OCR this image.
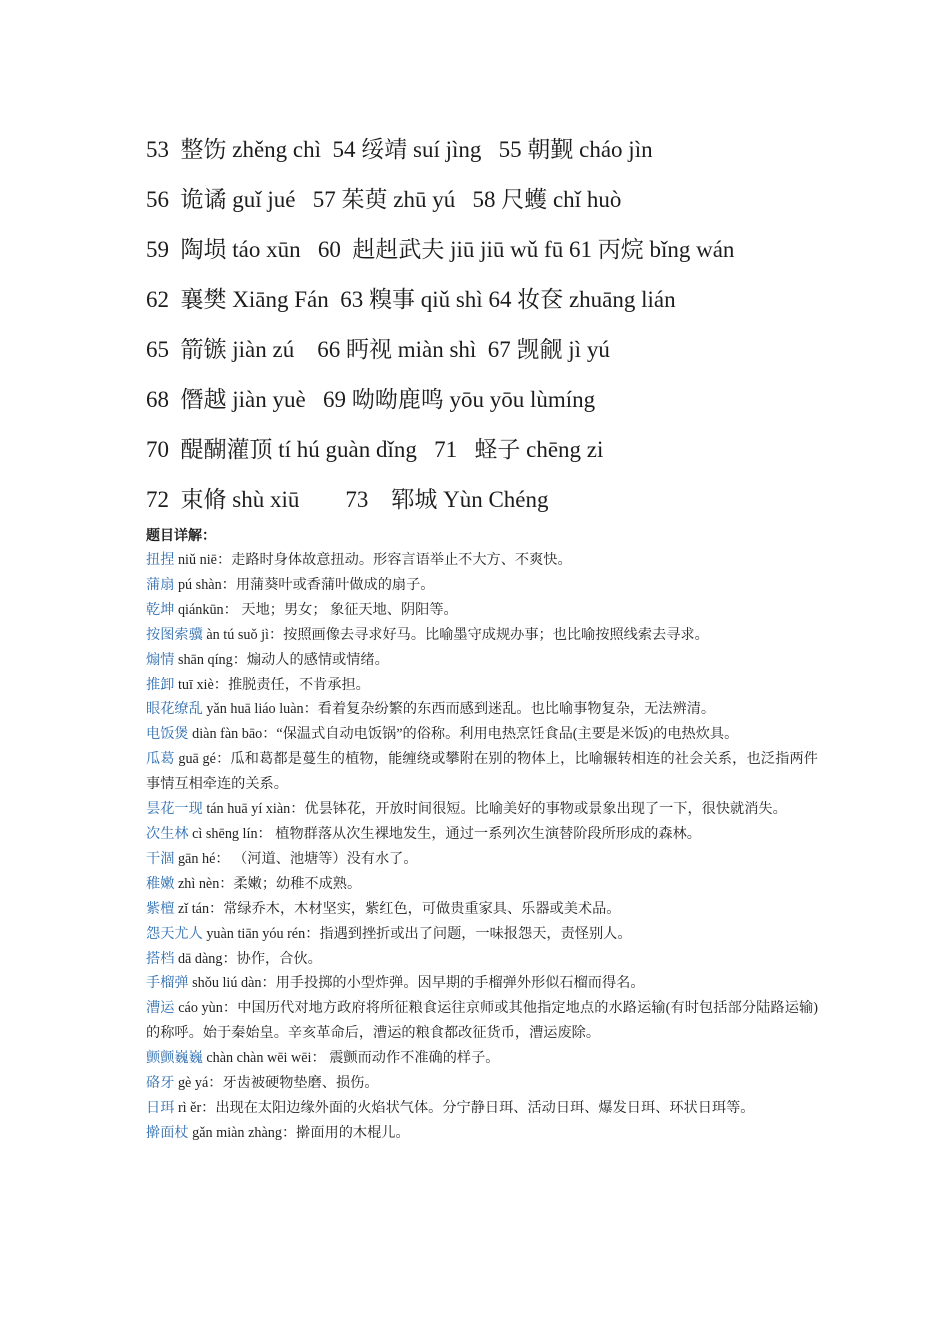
53  整饬 zhěng chì  54 绥靖 suí jìng   55 朝觐 cháo jìn
56  诡谲 guǐ jué   57 茱萸 zhū yú   58 尺蠖 chǐ huò
59  陶埙 táo xūn   60  赳赳武夫 jiū jiū wǔ fū 61 丙烷 bǐng wán
62  襄樊 Xiāng Fán  63 糗事 qiǔ shì 64 妆奁 zhuāng lián
65  箭镞 jiàn zú    66 眄视 miàn shì  67 觊觎 jì yú
68  僭越 jiàn yuè   69 呦呦鹿鸣 yōu yōu lùmíng
70  醍醐灌顶 tí hú guàn dǐng   71   蛏子 chēng zi
72  束脩 shù xiū        73    郓城 Yùn Chéng
题目详解：
扭捏 niǔ niē：走路时身体故意扭动。形容言语举止不大方、不爽快。
蒲扇 pú shàn：用蒲葵叶或香蒲叶做成的扇子。
乾坤 qiánkūn： 天地；男女； 象征天地、阴阳等。
按图索骥 àn tú suǒ jì：按照画像去寻求好马。比喻墨守成规办事；也比喻按照线索去寻求。
煽情 shān qíng：煽动人的感情或情绪。
推卸 tuī xiè：推脱责任，不肯承担。
眼花缭乱 yǎn huā liáo luàn：看着复杂纷繁的东西而感到迷乱。也比喻事物复杂，无法辨清。
电饭煲 diàn fàn bāo：“保温式自动电饭锅”的俗称。利用电热烹饪食品(主要是米饭)的电热炊具。
瓜葛 guā gé：瓜和葛都是蔓生的植物，能缠绕或攀附在别的物体上，比喻辗转相连的社会关系，也泛指两件事情互相牵连的关系。
昙花一现 tán huā yí xiàn：优昙钵花，开放时间很短。比喻美好的事物或景象出现了一下，很快就消失。
次生林 cì shēng lín： 植物群落从次生裸地发生，通过一系列次生演替阶段所形成的森林。
干涸 gān hé： （河道、池塘等）没有水了。
稚嫩 zhì nèn：柔嫩；幼稚不成熟。
紫檀 zǐ tán：常绿乔木，木材坚实，紫红色，可做贵重家具、乐器或美术品。
怨天尤人 yuàn tiān yóu rén：指遇到挫折或出了问题，一味报怨天，责怪别人。
搭档 dā dàng：协作，合伙。
手榴弹 shǒu liú dàn：用手投掷的小型炸弹。因早期的手榴弹外形似石榴而得名。
漕运 cáo yùn：中国历代对地方政府将所征粮食运往京师或其他指定地点的水路运输(有时包括部分陆路运输)的称呼。始于秦始皇。辛亥革命后，漕运的粮食都改征货币，漕运废除。
颤颤巍巍 chàn chàn wēi wēi： 震颤而动作不准确的样子。
硌牙 gè yá：牙齿被硬物垫磨、损伤。
日珥 rì ěr：出现在太阳边缘外面的火焰状气体。分宁静日珥、活动日珥、爆发日珥、环状日珥等。
擀面杖 gǎn miàn zhàng：擀面用的木棍儿。
